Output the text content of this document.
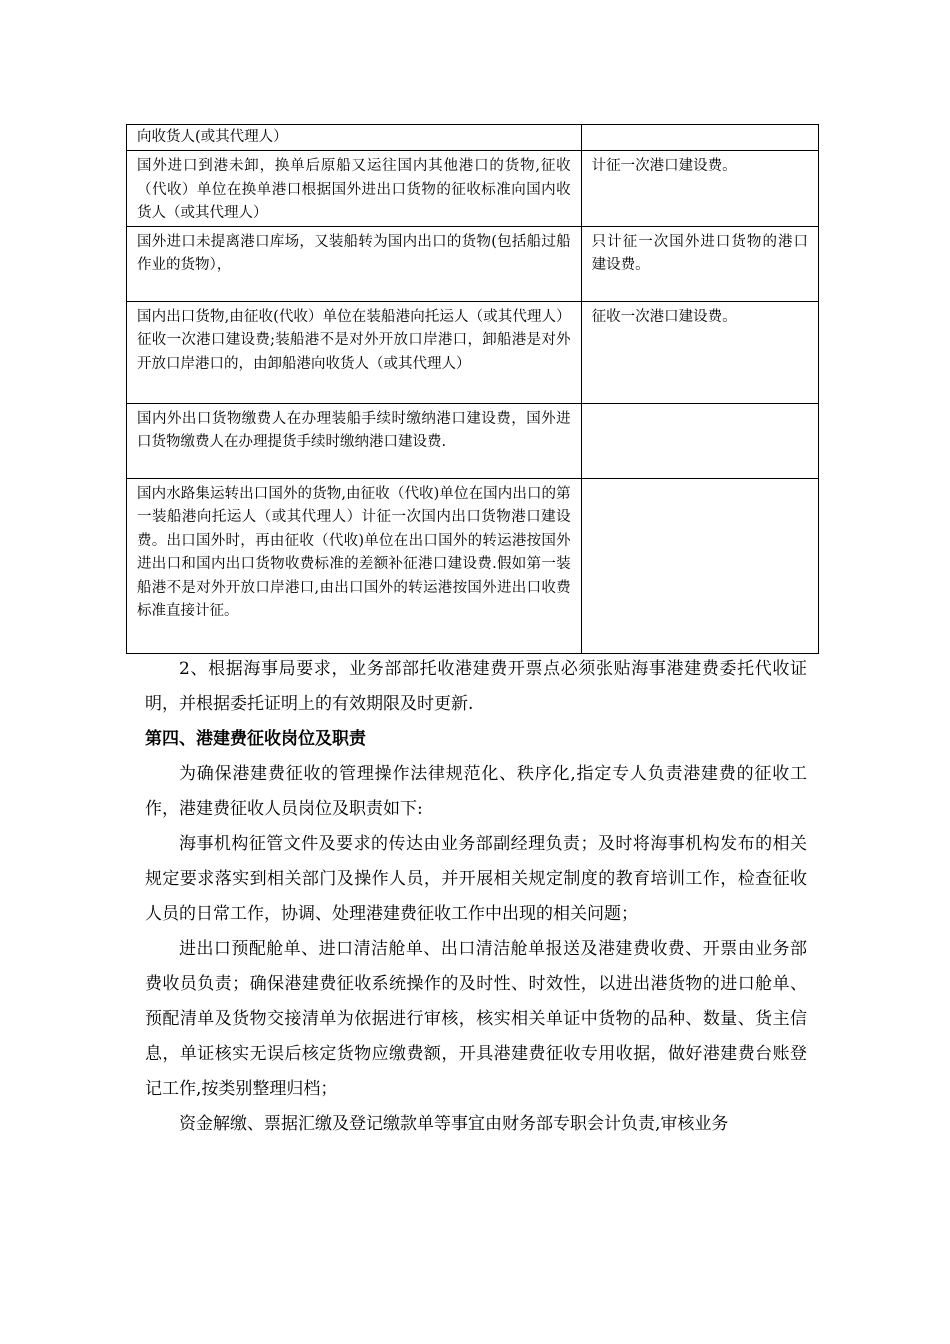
向收货人(或其代理人）	
国外进口到港未卸，换单后原船又运往国内其他港口的货物,征收（代收）单位在换单港口根据国外进出口货物的征收标准向国内收货人（或其代理人）	计征一次港口建设费。
国外进口未提离港口库场，又装船转为国内出口的货物(包括船过船作业的货物），	只计征一次国外进口货物的港口建设费。
国内出口货物,由征收(代收）单位在装船港向托运人（或其代理人）征收一次港口建设费;装船港不是对外开放口岸港口，卸船港是对外开放口岸港口的，由卸船港向收货人（或其代理人）	征收一次港口建设费。
国内外出口货物缴费人在办理装船手续时缴纳港口建设费，国外进口货物缴费人在办理提货手续时缴纳港口建设费.	
国内水路集运转出口国外的货物,由征收（代收)单位在国内出口的第一装船港向托运人（或其代理人）计征一次国内出口货物港口建设费。出口国外时，再由征收（代收)单位在出口国外的转运港按国外进出口和国内出口货物收费标准的差额补征港口建设费.假如第一装船港不是对外开放口岸港口,由出口国外的转运港按国外进出口收费标准直接计征。	

2、根据海事局要求，业务部部托收港建费开票点必须张贴海事港建费委托代收证明，并根据委托证明上的有效期限及时更新.

第四、港建费征收岗位及职责

为确保港建费征收的管理操作法律规范化、秩序化,指定专人负责港建费的征收工作，港建费征收人员岗位及职责如下:

海事机构征管文件及要求的传达由业务部副经理负责；及时将海事机构发布的相关规定要求落实到相关部门及操作人员，并开展相关规定制度的教育培训工作，检查征收人员的日常工作，协调、处理港建费征收工作中出现的相关问题；

进出口预配舱单、进口清洁舱单、出口清洁舱单报送及港建费收费、开票由业务部费收员负责；确保港建费征收系统操作的及时性、时效性，以进出港货物的进口舱单、预配清单及货物交接清单为依据进行审核，核实相关单证中货物的品种、数量、货主信息，单证核实无误后核定货物应缴费额，开具港建费征收专用收据，做好港建费台账登记工作,按类别整理归档；

资金解缴、票据汇缴及登记缴款单等事宜由财务部专职会计负责,审核业务
